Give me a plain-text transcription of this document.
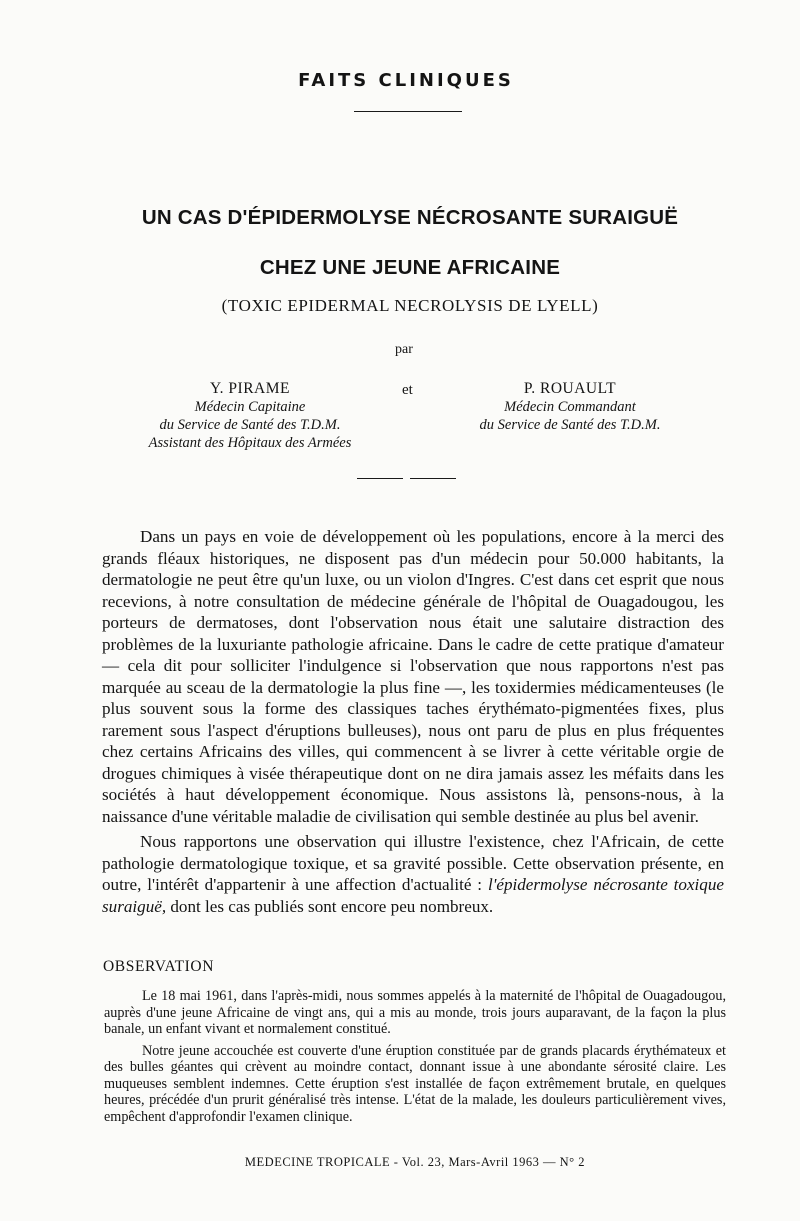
FAITS CLINIQUES
UN CAS D'ÉPIDERMOLYSE NÉCROSANTE SURAIGUË
CHEZ UNE JEUNE AFRICAINE
(TOXIC EPIDERMAL NECROLYSIS DE LYELL)
par
Y. PIRAME
Médecin Capitaine
du Service de Santé des T.D.M.
Assistant des Hôpitaux des Armées
et	P. ROUAULT
Médecin Commandant
du Service de Santé des T.D.M.

Dans un pays en voie de développement où les populations, encore à la merci des grands fléaux historiques, ne disposent pas d'un médecin pour 50.000 habitants, la dermatologie ne peut être qu'un luxe, ou un violon d'Ingres. C'est dans cet esprit que nous recevions, à notre consultation de médecine générale de l'hôpital de Ouagadougou, les porteurs de dermatoses, dont l'observation nous était une salutaire distraction des problèmes de la luxuriante pathologie africaine. Dans le cadre de cette pratique d'amateur — cela dit pour solliciter l'indulgence si l'observation que nous rapportons n'est pas marquée au sceau de la dermatologie la plus fine —, les toxidermies médicamenteuses (le plus souvent sous la forme des classiques taches érythémato-pigmentées fixes, plus rarement sous l'aspect d'éruptions bulleuses), nous ont paru de plus en plus fréquentes chez certains Africains des villes, qui commencent à se livrer à cette véritable orgie de drogues chimiques à visée thérapeutique dont on ne dira jamais assez les méfaits dans les sociétés à haut développement économique. Nous assistons là, pensons-nous, à la naissance d'une véritable maladie de civilisation qui semble destinée au plus bel avenir.

Nous rapportons une observation qui illustre l'existence, chez l'Africain, de cette pathologie dermatologique toxique, et sa gravité possible. Cette observation présente, en outre, l'intérêt d'appartenir à une affection d'actualité : l'épidermolyse nécrosante toxique suraiguë, dont les cas publiés sont encore peu nombreux.

OBSERVATION

Le 18 mai 1961, dans l'après-midi, nous sommes appelés à la maternité de l'hôpital de Ouagadougou, auprès d'une jeune Africaine de vingt ans, qui a mis au monde, trois jours auparavant, de la façon la plus banale, un enfant vivant et normalement constitué.

Notre jeune accouchée est couverte d'une éruption constituée par de grands placards érythémateux et des bulles géantes qui crèvent au moindre contact, donnant issue à une abondante sérosité claire. Les muqueuses semblent indemnes. Cette éruption s'est installée de façon extrêmement brutale, en quelques heures, précédée d'un prurit généralisé très intense. L'état de la malade, les douleurs particulièrement vives, empêchent d'approfondir l'examen clinique.

MEDECINE TROPICALE - Vol. 23, Mars-Avril 1963 — N° 2
